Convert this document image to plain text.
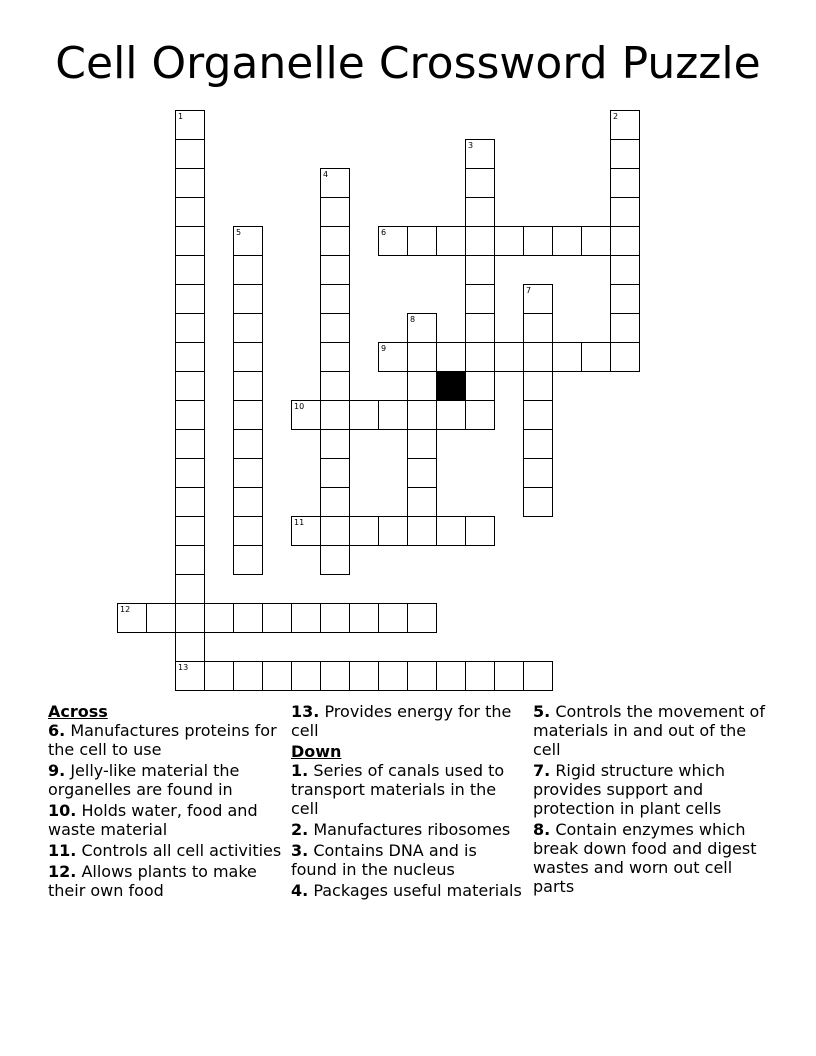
Cell Organelle Crossword Puzzle
1
13
2
3
4
5	6
7
8
9
10
11
12
Across
6. Manufactures proteins for the cell to use
9. Jelly-like material the organelles are found in
10. Holds water, food and waste material
11. Controls all cell activities
12. Allows plants to make their own food
13. Provides energy for the cell
Down
1. Series of canals used to transport materials in the cell
2. Manufactures ribosomes
3. Contains DNA and is found in the nucleus
4. Packages useful materials
5. Controls the movement of materials in and out of the cell
7. Rigid structure which provides support and protection in plant cells
8. Contain enzymes which break down food and digest wastes and worn out cell parts
